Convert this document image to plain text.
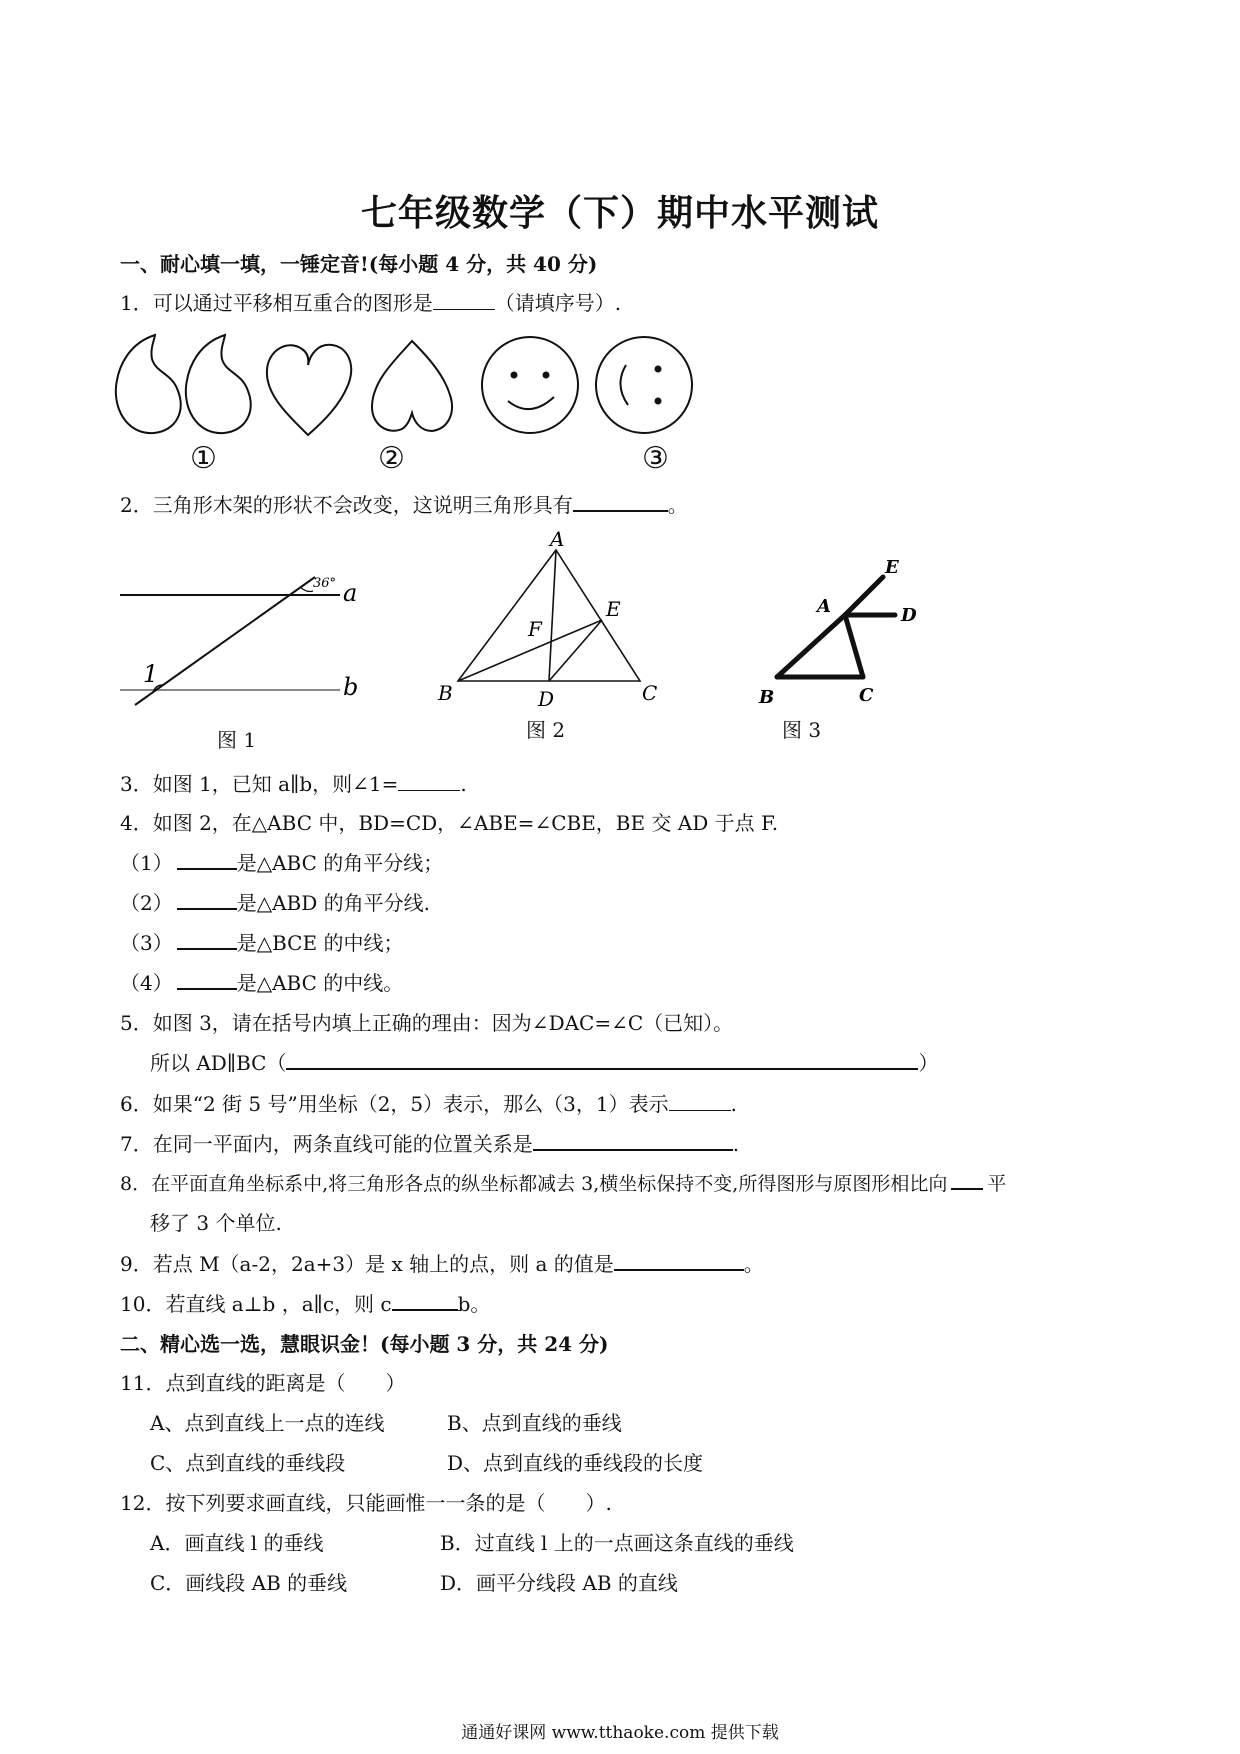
七年级数学（下）期中水平测试
一、耐心填一填，一锤定音!(每小题 4 分，共 40 分)
1．可以通过平移相互重合的图形是	（请填序号）.
①	②	③
2．三角形木架的形状不会改变，这说明三角形具有	。
36° a
b
1
图 1
A
B	C
D
E
F
图 2
A
B	C
D
E
图 3
3．如图 1，已知 a∥b，则∠1=	.
4．如图 2，在△ABC 中，BD=CD，∠ABE=∠CBE，BE 交 AD 于点 F.
（1）	是△ABC 的角平分线；
（2）	是△ABD 的角平分线.
（3）	是△BCE 的中线；
（4）	是△ABC 的中线。
5．如图 3，请在括号内填上正确的理由：因为∠DAC=∠C（已知）。
所以 AD∥BC（	）
6．如果“2 街 5 号”用坐标（2，5）表示，那么（3，1）表示	.
7．在同一平面内，两条直线可能的位置关系是	.
8．在平面直角坐标系中,将三角形各点的纵坐标都减去 3,横坐标保持不变,所得图形与原图形相比向 平
移了 3 个单位.
9．若点 M（a-2，2a+3）是 x 轴上的点，则 a 的值是	。
10．若直线 a⊥b ，a∥c，则 c	b。
二、精心选一选，慧眼识金！(每小题 3 分，共 24 分)
11．点到直线的距离是（　　）
A、点到直线上一点的连线	B、点到直线的垂线
C、点到直线的垂线段	D、点到直线的垂线段的长度
12．按下列要求画直线，只能画惟一一条的是（　　）.
A．画直线 l 的垂线	B．过直线 l 上的一点画这条直线的垂线
C．画线段 AB 的垂线	D．画平分线段 AB 的直线
通通好课网 www.tthaoke.com 提供下载
